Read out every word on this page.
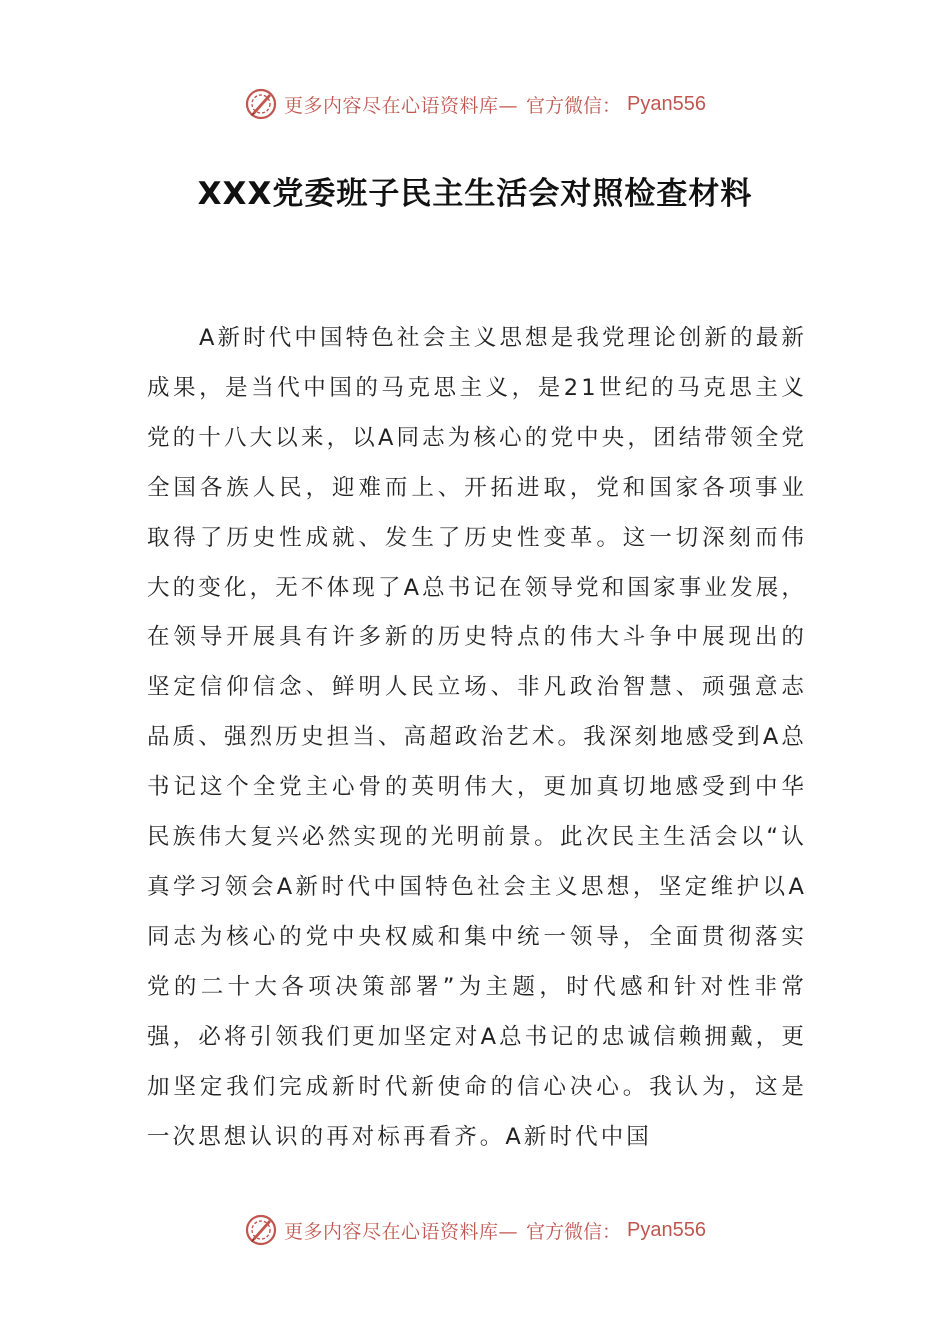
更多内容尽在心语资料库— 官方微信： Pyan556
XXX党委班子民主生活会对照检查材料

A新时代中国特色社会主义思想是我党理论创新的最新成果，是当代中国的马克思主义，是21世纪的马克思主义党的十八大以来，以A同志为核心的党中央，团结带领全党全国各族人民，迎难而上、开拓进取，党和国家各项事业取得了历史性成就、发生了历史性变革。这一切深刻而伟大的变化，无不体现了A总书记在领导党和国家事业发展，在领导开展具有许多新的历史特点的伟大斗争中展现出的坚定信仰信念、鲜明人民立场、非凡政治智慧、顽强意志品质、强烈历史担当、高超政治艺术。我深刻地感受到A总书记这个全党主心骨的英明伟大，更加真切地感受到中华民族伟大复兴必然实现的光明前景。此次民主生活会以“认真学习领会A新时代中国特色社会主义思想，坚定维护以A同志为核心的党中央权威和集中统一领导，全面贯彻落实党的二十大各项决策部署”为主题，时代感和针对性非常强，必将引领我们更加坚定对A总书记的忠诚信赖拥戴，更加坚定我们完成新时代新使命的信心决心。我认为，这是一次思想认识的再对标再看齐。A新时代中国

更多内容尽在心语资料库— 官方微信： Pyan556
